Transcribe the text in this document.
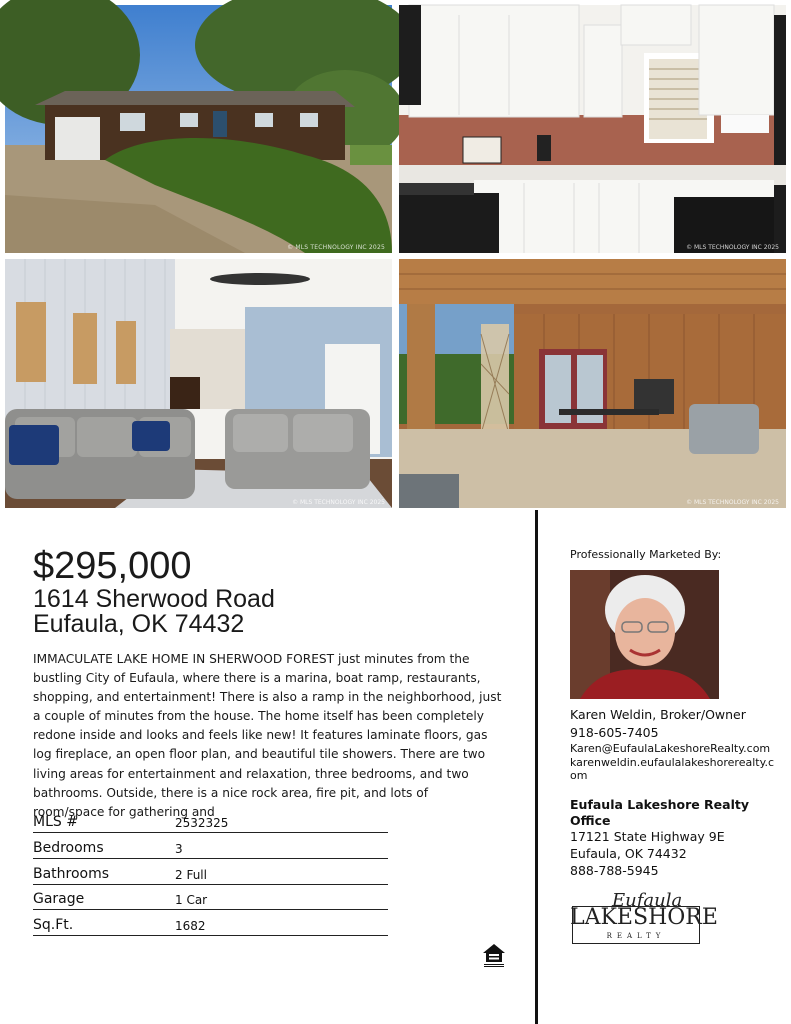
© MLS TECHNOLOGY INC 2025	© MLS TECHNOLOGY INC 2025
© MLS TECHNOLOGY INC 2025	© MLS TECHNOLOGY INC 2025
$295,000
1614 Sherwood Road
Eufaula, OK 74432
IMMACULATE LAKE HOME IN SHERWOOD FOREST just minutes from the bustling City of Eufaula, where there is a marina, boat ramp, restaurants, shopping, and entertainment! There is also a ramp in the neighborhood, just a couple of minutes from the house. The home itself has been completely redone inside and looks and feels like new! It features laminate floors, gas log fireplace, an open floor plan, and beautiful tile showers. There are two living areas for entertainment and relaxation, three bedrooms, and two bathrooms. Outside, there is a nice rock area, fire pit, and lots of room/space for gathering and
MLS #	2532325
Bedrooms	3
Bathrooms	2 Full
Garage	1 Car
Sq.Ft.	1682
Professionally Marketed By:
Karen Weldin, Broker/Owner
918-605-7405
Karen@EufaulaLakeshoreRealty.com
karenweldin.eufaulalakeshorerealty.com
Eufaula Lakeshore Realty Office
17121 State Highway 9E
Eufaula, OK 74432
888-788-5945
Eufaula
LAKESHORE
REALTY
